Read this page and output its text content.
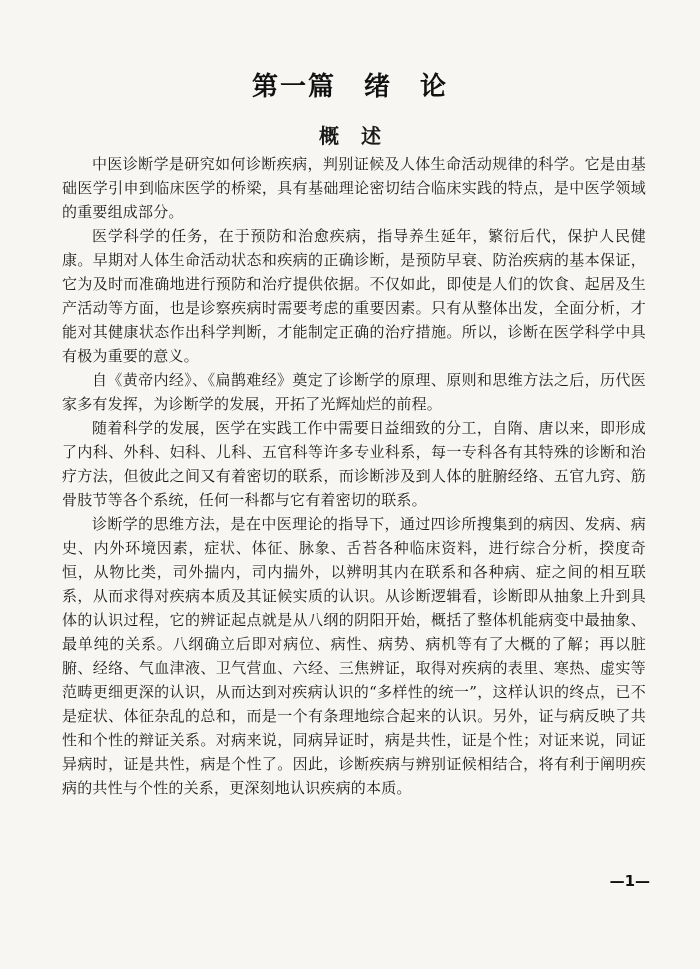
第一篇　绪　论
概述

中医诊断学是研究如何诊断疾病，判别证候及人体生命活动规律的科学。它是由基础医学引申到临床医学的桥梁，具有基础理论密切结合临床实践的特点，是中医学领域的重要组成部分。

医学科学的任务，在于预防和治愈疾病，指导养生延年，繁衍后代，保护人民健康。早期对人体生命活动状态和疾病的正确诊断，是预防早衰、防治疾病的基本保证，它为及时而准确地进行预防和治疗提供依据。不仅如此，即使是人们的饮食、起居及生产活动等方面，也是诊察疾病时需要考虑的重要因素。只有从整体出发，全面分析，才能对其健康状态作出科学判断，才能制定正确的治疗措施。所以，诊断在医学科学中具有极为重要的意义。

自《黄帝内经》、《扁鹊难经》奠定了诊断学的原理、原则和思维方法之后，历代医家多有发挥，为诊断学的发展，开拓了光辉灿烂的前程。

随着科学的发展，医学在实践工作中需要日益细致的分工，自隋、唐以来，即形成了内科、外科、妇科、儿科、五官科等许多专业科系，每一专科各有其特殊的诊断和治疗方法，但彼此之间又有着密切的联系，而诊断涉及到人体的脏腑经络、五官九窍、筋骨肢节等各个系统，任何一科都与它有着密切的联系。

诊断学的思维方法，是在中医理论的指导下，通过四诊所搜集到的病因、发病、病史、内外环境因素，症状、体征、脉象、舌苔各种临床资料，进行综合分析，揆度奇恒，从物比类，司外揣内，司内揣外，以辨明其内在联系和各种病、症之间的相互联系，从而求得对疾病本质及其证候实质的认识。从诊断逻辑看，诊断即从抽象上升到具体的认识过程，它的辨证起点就是从八纲的阴阳开始，概括了整体机能病变中最抽象、最单纯的关系。八纲确立后即对病位、病性、病势、病机等有了大概的了解；再以脏腑、经络、气血津液、卫气营血、六经、三焦辨证，取得对疾病的表里、寒热、虚实等范畴更细更深的认识，从而达到对疾病认识的“多样性的统一”，这样认识的终点，已不是症状、体征杂乱的总和，而是一个有条理地综合起来的认识。另外，证与病反映了共性和个性的辩证关系。对病来说，同病异证时，病是共性，证是个性；对证来说，同证异病时，证是共性，病是个性了。因此，诊断疾病与辨别证候相结合，将有利于阐明疾病的共性与个性的关系，更深刻地认识疾病的本质。

—1—
